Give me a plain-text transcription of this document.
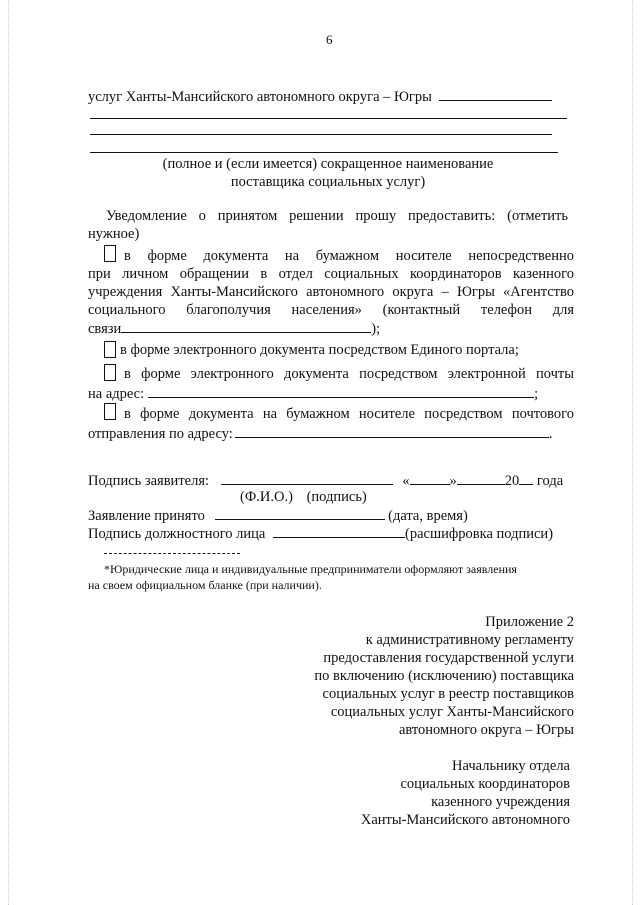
6
услуг Ханты-Мансийского автономного округа – Югры
(полное и (если имеется) сокращенное наименование
поставщика социальных услуг)
Уведомление о принятом решении прошу предоставить: (отметить
нужное)
в форме документа на бумажном носителе непосредственно
при личном обращении в отдел социальных координаторов казенного
учреждения Ханты-Мансийского автономного округа – Югры «Агентство
социального благополучия населения» (контактный телефон для
связи	);
в форме электронного документа посредством Единого портала;
в форме электронного документа посредством электронной почты
на адрес:	;
в форме документа на бумажном носителе посредством почтового
отправления по адресу:	.
Подпись заявителя:	«	»	20 года
(Ф.И.О.) (подпись)
Заявление принято	(дата, время)
Подпись должностного лица	(расшифровка подписи)
*Юридические лица и индивидуальные предприниматели оформляют заявления
на своем официальном бланке (при наличии).
Приложение 2
к административному регламенту
предоставления государственной услуги
по включению (исключению) поставщика
социальных услуг в реестр поставщиков
социальных услуг Ханты-Мансийского
автономного округа – Югры
Начальнику отдела
социальных координаторов
казенного учреждения
Ханты-Мансийского автономного
